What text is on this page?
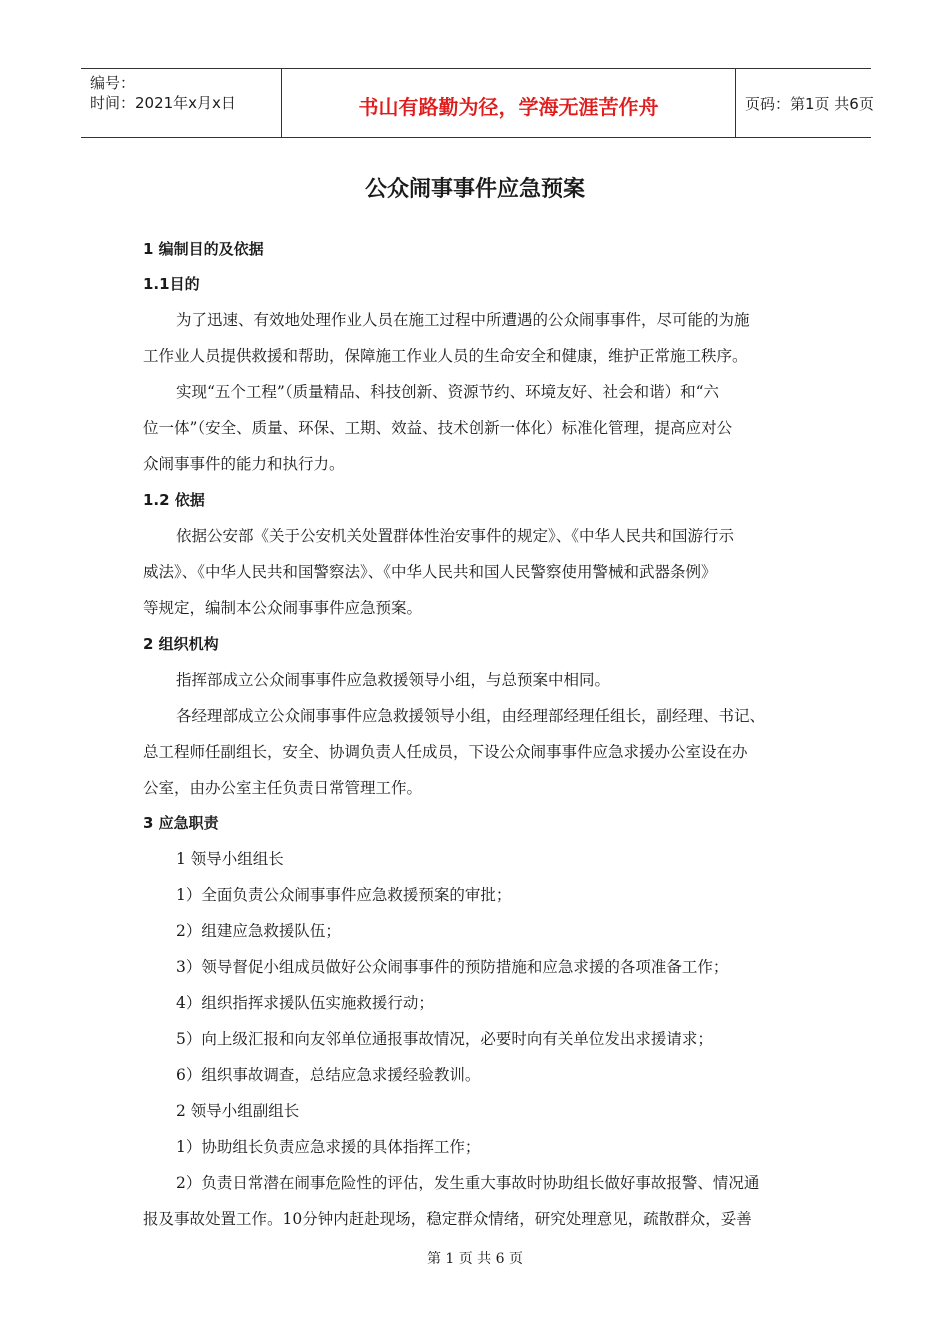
编号：
时间：2021年x月x日	书山有路勤为径，学海无涯苦作舟	页码：第1页 共6页
公众闹事事件应急预案
1 编制目的及依据
1.1目的
为了迅速、有效地处理作业人员在施工过程中所遭遇的公众闹事事件，尽可能的为施
工作业人员提供救援和帮助，保障施工作业人员的生命安全和健康，维护正常施工秩序。
实现“五个工程”（质量精品、科技创新、资源节约、环境友好、社会和谐）和“六
位一体”（安全、质量、环保、工期、效益、技术创新一体化）标准化管理，提高应对公
众闹事事件的能力和执行力。
1.2 依据
依据公安部《关于公安机关处置群体性治安事件的规定》、《中华人民共和国游行示
威法》、《中华人民共和国警察法》、《中华人民共和国人民警察使用警械和武器条例》
等规定，编制本公众闹事事件应急预案。
2 组织机构
指挥部成立公众闹事事件应急救援领导小组，与总预案中相同。
各经理部成立公众闹事事件应急救援领导小组，由经理部经理任组长，副经理、书记、
总工程师任副组长，安全、协调负责人任成员，下设公众闹事事件应急求援办公室设在办
公室，由办公室主任负责日常管理工作。
3 应急职责
1 领导小组组长
1）全面负责公众闹事事件应急救援预案的审批；
2）组建应急救援队伍；
3）领导督促小组成员做好公众闹事事件的预防措施和应急求援的各项准备工作；
4）组织指挥求援队伍实施救援行动；
5）向上级汇报和向友邻单位通报事故情况，必要时向有关单位发出求援请求；
6）组织事故调查，总结应急求援经验教训。
2 领导小组副组长
1）协助组长负责应急求援的具体指挥工作；
2）负责日常潜在闹事危险性的评估，发生重大事故时协助组长做好事故报警、情况通
报及事故处置工作。10分钟内赶赴现场，稳定群众情绪，研究处理意见，疏散群众，妥善
第 1 页 共 6 页
